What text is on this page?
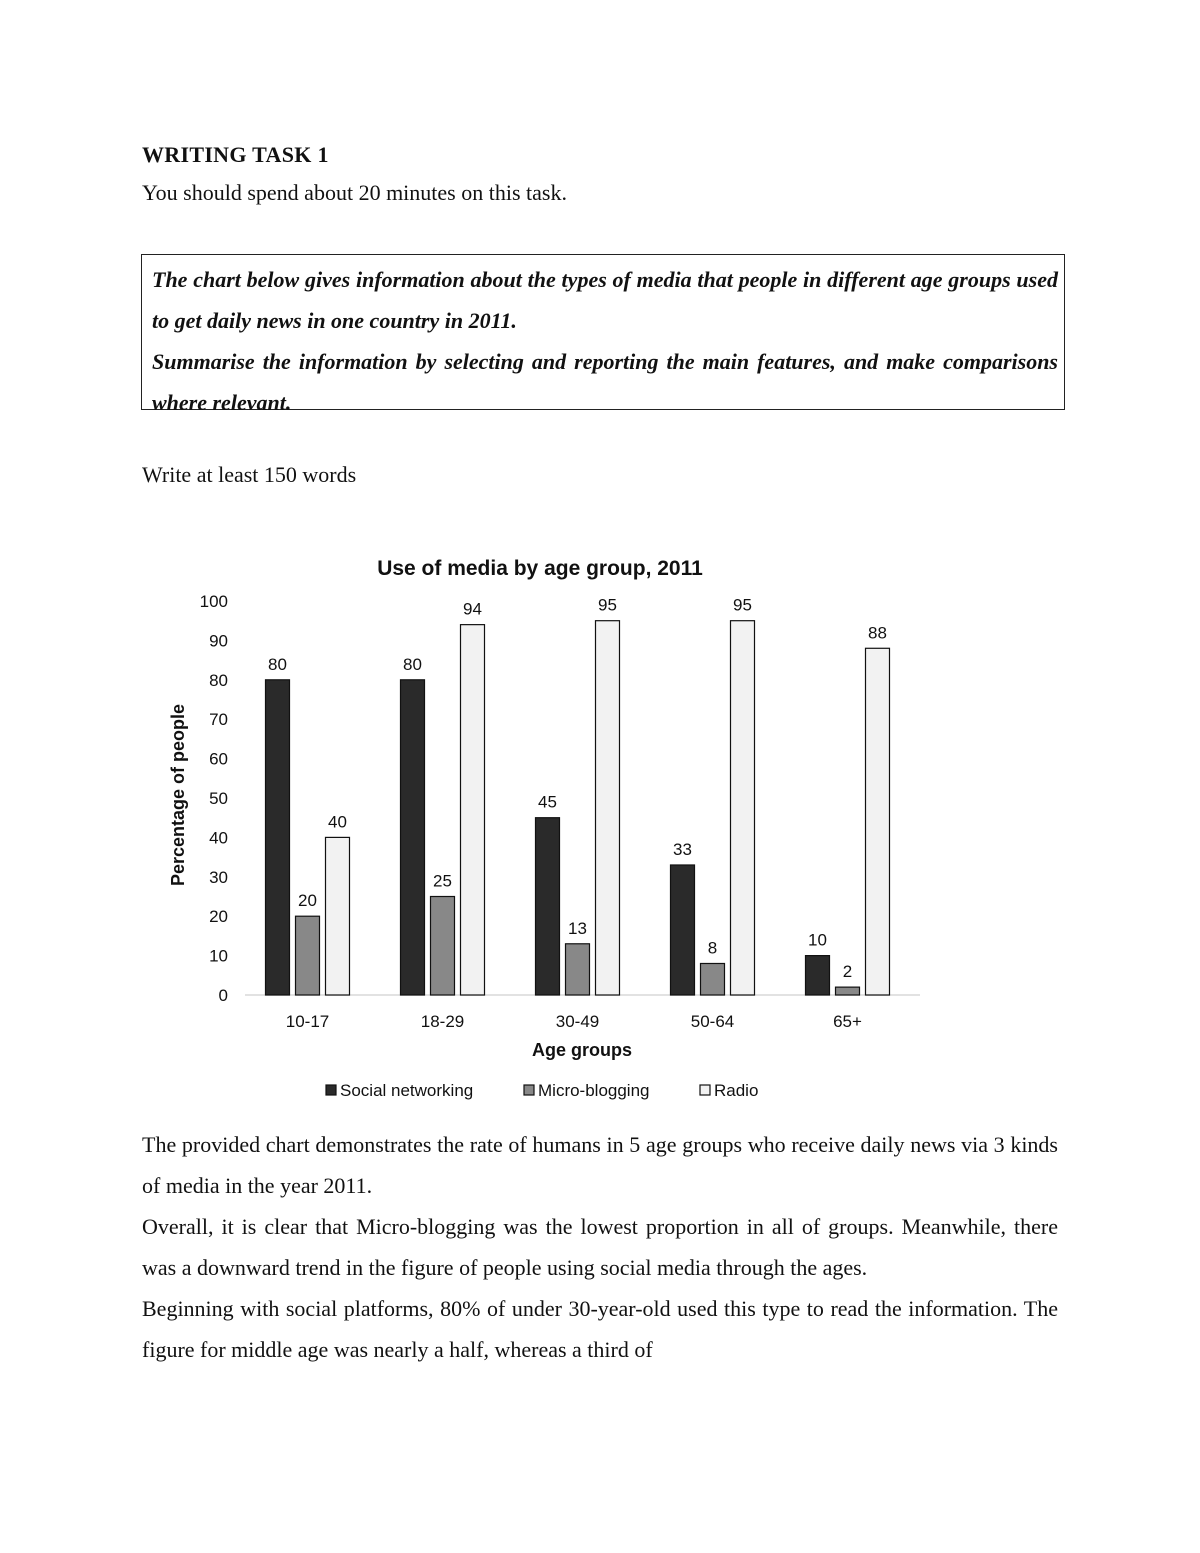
WRITING TASK 1
You should spend about 20 minutes on this task.

The chart below gives information about the types of media that people in different age groups used to get daily news in one country in 2011.

Summarise the information by selecting and reporting the main features, and make comparisons where relevant.

Write at least 150 words
Use of media by age group, 2011
Percentage of people
Age groups
0
10
20
30
40
50
60
70
80
90
100
10-17
80
20
40
18-29
80
25
94
30-49
45
13
95
50-64
33
8
95
65+
10
2
88
Social networking	Micro-blogging	Radio

The provided chart demonstrates the rate of humans in 5 age groups who receive daily news via 3 kinds of media in the year 2011.

Overall, it is clear that Micro-blogging was the lowest proportion in all of groups. Meanwhile, there was a downward trend in the figure of people using social media through the ages.

Beginning with social platforms, 80% of under 30-year-old used this type to read the information. The figure for middle age was nearly a half, whereas a third of
